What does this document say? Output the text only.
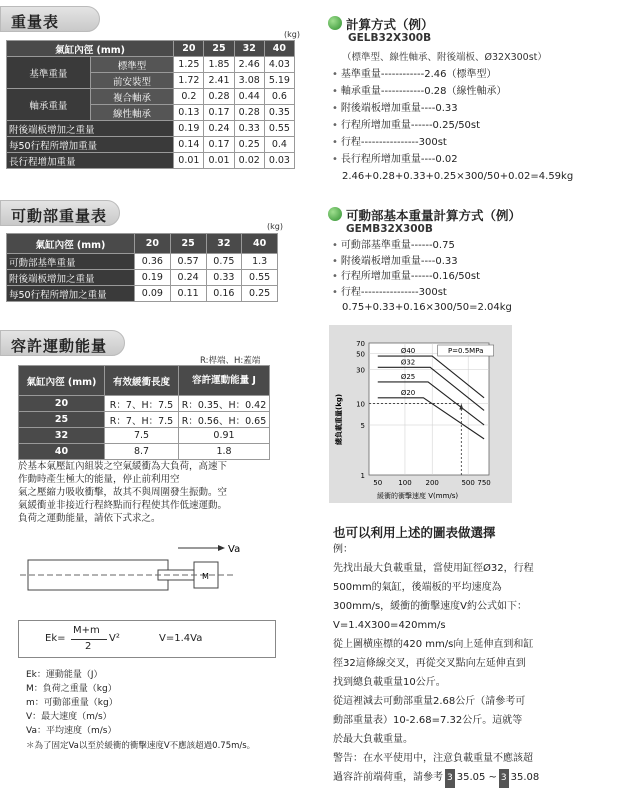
重量表
(kg)
氣缸內徑 (mm)		20	25	32	40
基準重量	標準型	1.25	1.85	2.46	4.03
	前安裝型	1.72	2.41	3.08	5.19
軸承重量	複合軸承	0.2	0.28	0.44	0.6
	線性軸承	0.13	0.17	0.28	0.35
附後端板增加之重量		0.19	0.24	0.33	0.55
每50行程所增加重量		0.14	0.17	0.25	0.4
長行程增加重量		0.01	0.01	0.02	0.03
可動部重量表
(kg)
氣缸內徑 (mm)	20	25	32	40
可動部基準重量	0.36	0.57	0.75	1.3
附後端板增加之重量	0.19	0.24	0.33	0.55
每50行程所增加之重量	0.09	0.11	0.16	0.25
容許運動能量
R:桿端、H:蓋端
氣缸內徑 (mm)	有效緩衝長度	容許運動能量 J
20	R：7、H：7.5	R：0.35、H：0.42
25	R：7、H：7.5	R：0.56、H：0.65
32	7.5	0.91
40	8.7	1.8
於基本氣壓缸內組裝之空氣緩衝為大負荷，高速下
作動時產生極大的能量，停止前利用空
氣之壓縮力吸收衝擊，故其不與周圍發生振動。空
氣緩衝並非接近行程終點而行程使其作低速運動。
負荷之運動能量，請依下式求之。
Va
M
Ek=
M+m
2
V²	V=1.4Va
Ek：運動能量（J）
M：負荷之重量（kg）
m：可動部重量（kg）
V：最大速度（m/s）
Va：平均速度（m/s）
＊為了固定Va以至於緩衝的衝擊速度V不應該超過0.75m/s。
計算方式（例）
GELB32X300B
（標準型、線性軸承、附後端板、Ø32X300st）
• 基準重量------------2.46（標準型）
• 軸承重量------------0.28（線性軸承）
• 附後端板增加重量----0.33
• 行程所增加重量------0.25/50st
• 行程----------------300st
• 長行程所增加重量----0.02
2.46+0.28+0.33+0.25×300/50+0.02=4.59kg
可動部基本重量計算方式（例）
GEMB32X300B
• 可動部基準重量------0.75
• 附後端板增加重量----0.33
• 行程所增加重量------0.16/50st
• 行程----------------300st
0.75+0.33+0.16×300/50=2.04kg
總負載重量(kg)
緩衝的衝擊速度 V(mm/s)
1
5
10
30
50
70
50 100 200	500 750
P=0.5MPa
Ø40
Ø32
Ø25
Ø20
也可以利用上述的圖表做選擇
例：
先找出最大負載重量，當使用缸徑Ø32，行程
500mm的氣缸，後端板的平均速度為
300mm/s，緩衝的衝擊速度V約公式如下：
V=1.4X300=420mm/s
從上圖横座標的420 mm/s向上延伸直到和缸
徑32這條線交叉，再從交叉點向左延伸直到
找到總負載重量10公斤。
從這裡減去可動部重量2.68公斤（請參考可
動部重量表）10-2.68=7.32公斤。這就等
於最大負載重量。
警告：在水平使用中，注意負載重量不應該超
過容許前端荷重，請參考 3 35.05 ~ 3 35.08
